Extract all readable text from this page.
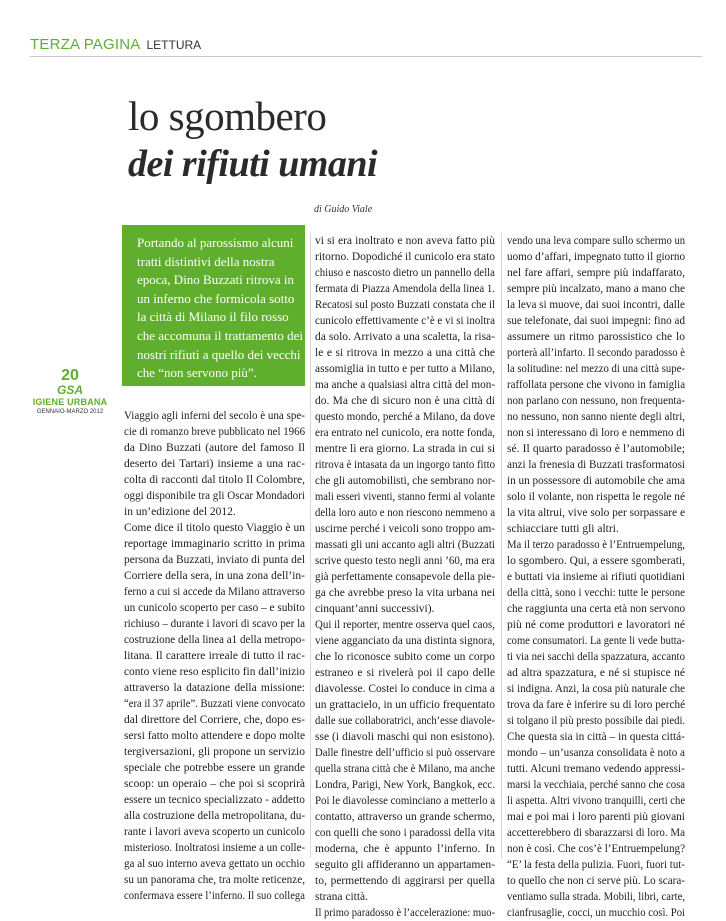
TERZA PAGINA LETTURA
lo sgombero
dei rifiuti umani
di Guido Viale

Portando al parossismo alcuni

tratti distintivi della nostra

epoca, Dino Buzzati ritrova in

un inferno che formicola sotto

la città di Milano il filo rosso

che accomuna il trattamento dei

nostri rifiuti a quello dei vecchi

che “non servono più”.

20
GSA
IGIENE URBANA
GENNAIO-MARZO 2012	Viaggio agli inferni del secolo è una spe-

cie di romanzo breve pubblicato nel 1966

da Dino Buzzati (autore del famoso Il

deserto dei Tartari) insieme a una rac-

colta di racconti dal titolo Il Colombre,

oggi disponibile tra gli Oscar Mondadori

in un’edizione del 2012.

Come dice il titolo questo Viaggio è un

reportage immaginario scritto in prima

persona da Buzzati, inviato di punta del

Corriere della sera, in una zona dell’in-

ferno a cui si accede da Milano attraverso

un cunicolo scoperto per caso – e subito

richiuso – durante i lavori di scavo per la

costruzione della linea a1 della metropo-

litana. Il carattere irreale di tutto il rac-

conto viene reso esplicito fin dall’inizio

attraverso la datazione della missione:

“era il 37 aprile”. Buzzati viene convocato

dal direttore del Corriere, che, dopo es-

sersi fatto molto attendere e dopo molte

tergiversazioni, gli propone un servizio

speciale che potrebbe essere un grande

scoop: un operaio – che poi si scoprirà

essere un tecnico specializzato - addetto

alla costruzione della metropolitana, du-

rante i lavori aveva scoperto un cunicolo

misterioso. Inoltratosi insieme a un colle-

ga al suo interno aveva gettato un occhio

su un panorama che, tra molte reticenze,

confermava essere l’inferno. Il suo collega

vi si era inoltrato e non aveva fatto più

ritorno. Dopodiché il cunicolo era stato

chiuso e nascosto dietro un pannello della

fermata di Piazza Amendola della linea 1.

Recatosi sul posto Buzzati constata che il

cunicolo effettivamente c’è e vi si inoltra

da solo. Arrivato a una scaletta, la risa-

le e si ritrova in mezzo a una città che

assomiglia in tutto e per tutto a Milano,

ma anche a qualsiasi altra città del mon-

do. Ma che di sicuro non è una città di

questo mondo, perché a Milano, da dove

era entrato nel cunicolo, era notte fonda,

mentre lì era giorno. La strada in cui si

ritrova è intasata da un ingorgo tanto fitto

che gli automobilisti, che sembrano nor-

mali esseri viventi, stanno fermi al volante

della loro auto e non riescono nemmeno a

uscirne perché i veicoli sono troppo am-

massati gli uni accanto agli altri (Buzzati

scrive questo testo negli anni ’60, ma era

già perfettamente consapevole della pie-

ga che avrebbe preso la vita urbana nei

cinquant’anni successivi).

Qui il reporter, mentre osserva quel caos,

viene agganciato da una distinta signora,

che lo riconosce subito come un corpo

estraneo e si rivelerà poi il capo delle

diavolesse. Costei lo conduce in cima a

un grattacielo, in un ufficio frequentato

dalle sue collaboratrici, anch’esse diavole-

sse (i diavoli maschi qui non esistono).

Dalle finestre dell’ufficio si può osservare

quella strana città che è Milano, ma anche

Londra, Parigi, New York, Bangkok, ecc.

Poi le diavolesse cominciano a metterlo a

contatto, attraverso un grande schermo,

con quelli che sono i paradossi della vita

moderna, che è appunto l’inferno. In

seguito gli affideranno un appartamen-

to, permettendo di aggirarsi per quella

strana città.

Il primo paradosso è l’accelerazione: muo-

vendo una leva compare sullo schermo un

uomo d’affari, impegnato tutto il giorno

nel fare affari, sempre più indaffarato,

sempre più incalzato, mano a mano che

la leva si muove, dai suoi incontri, dalle

sue telefonate, dai suoi impegni: fino ad

assumere un ritmo parossistico che lo

porterà all’infarto. Il secondo paradosso è

la solitudine: nel mezzo di una città supe-

raffollata persone che vivono in famiglia

non parlano con nessuno, non frequenta-

no nessuno, non sanno niente degli altri,

non si interessano di loro e nemmeno di

sé. Il quarto paradosso è l’automobile;

anzi la frenesia di Buzzati trasformatosi

in un possessore di automobile che ama

solo il volante, non rispetta le regole né

la vita altrui, vive solo per sorpassare e

schiacciare tutti gli altri.

Ma il terzo paradosso è l’Entruempelung,

lo sgombero. Qui, a essere sgomberati,

e buttati via insieme ai rifiuti quotidiani

della città, sono i vecchi: tutte le persone

che raggiunta una certa età non servono

più né come produttori e lavoratori né

come consumatori. La gente li vede butta-

ti via nei sacchi della spazzatura, accanto

ad altra spazzatura, e né si stupisce né

si indigna. Anzi, la cosa più naturale che

trova da fare è inferire su di loro perché

si tolgano il più presto possibile dai piedi.

Che questa sia in città – in questa cittá-

mondo – un’usanza consolidata è noto a

tutti. Alcuni tremano vedendo appressi-

marsi la vecchiaia, perché sanno che cosa

li aspetta. Altri vivono tranquilli, certi che

mai e poi mai i loro parenti più giovani

accetterebbero di sbarazzarsi di loro. Ma

non è così. Che cos’è l’Entruempelung?

“E’ la festa della pulizia. Fuori, fuori tut-

to quello che non ci serve più. Lo scara-

ventiamo sulla strada. Mobili, libri, carte,

cianfrusaglie, cocci, un mucchio così. Poi
